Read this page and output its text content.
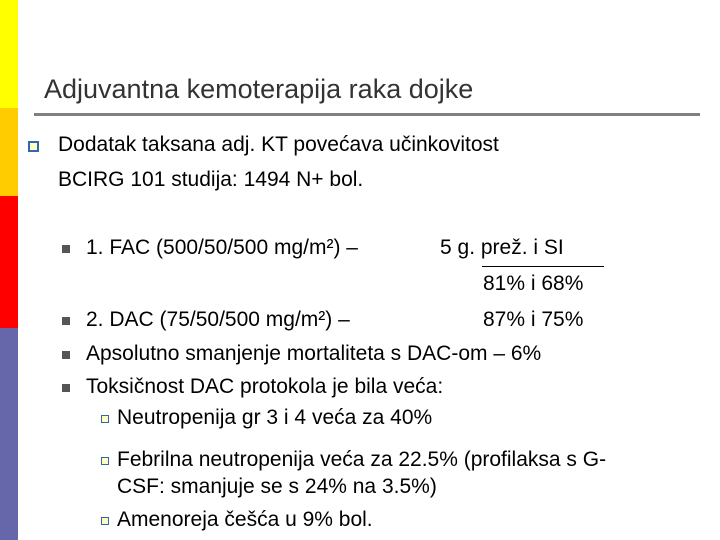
Adjuvantna kemoterapija raka dojke
Dodatak taksana adj. KT povećava učinkovitost
BCIRG 101 studija: 1494 N+ bol.
1. FAC (500/50/500 mg/m²) –	5 g. prež. i SI
81% i 68%
2. DAC (75/50/500 mg/m²) –	87% i 75%
Apsolutno smanjenje mortaliteta s DAC-om – 6%
Toksičnost DAC protokola je bila veća:
Neutropenija gr 3 i 4 veća za 40%
Febrilna neutropenija veća za 22.5% (profilaksa s G-
CSF: smanjuje se s 24% na 3.5%)
Amenoreja češća u 9% bol.
